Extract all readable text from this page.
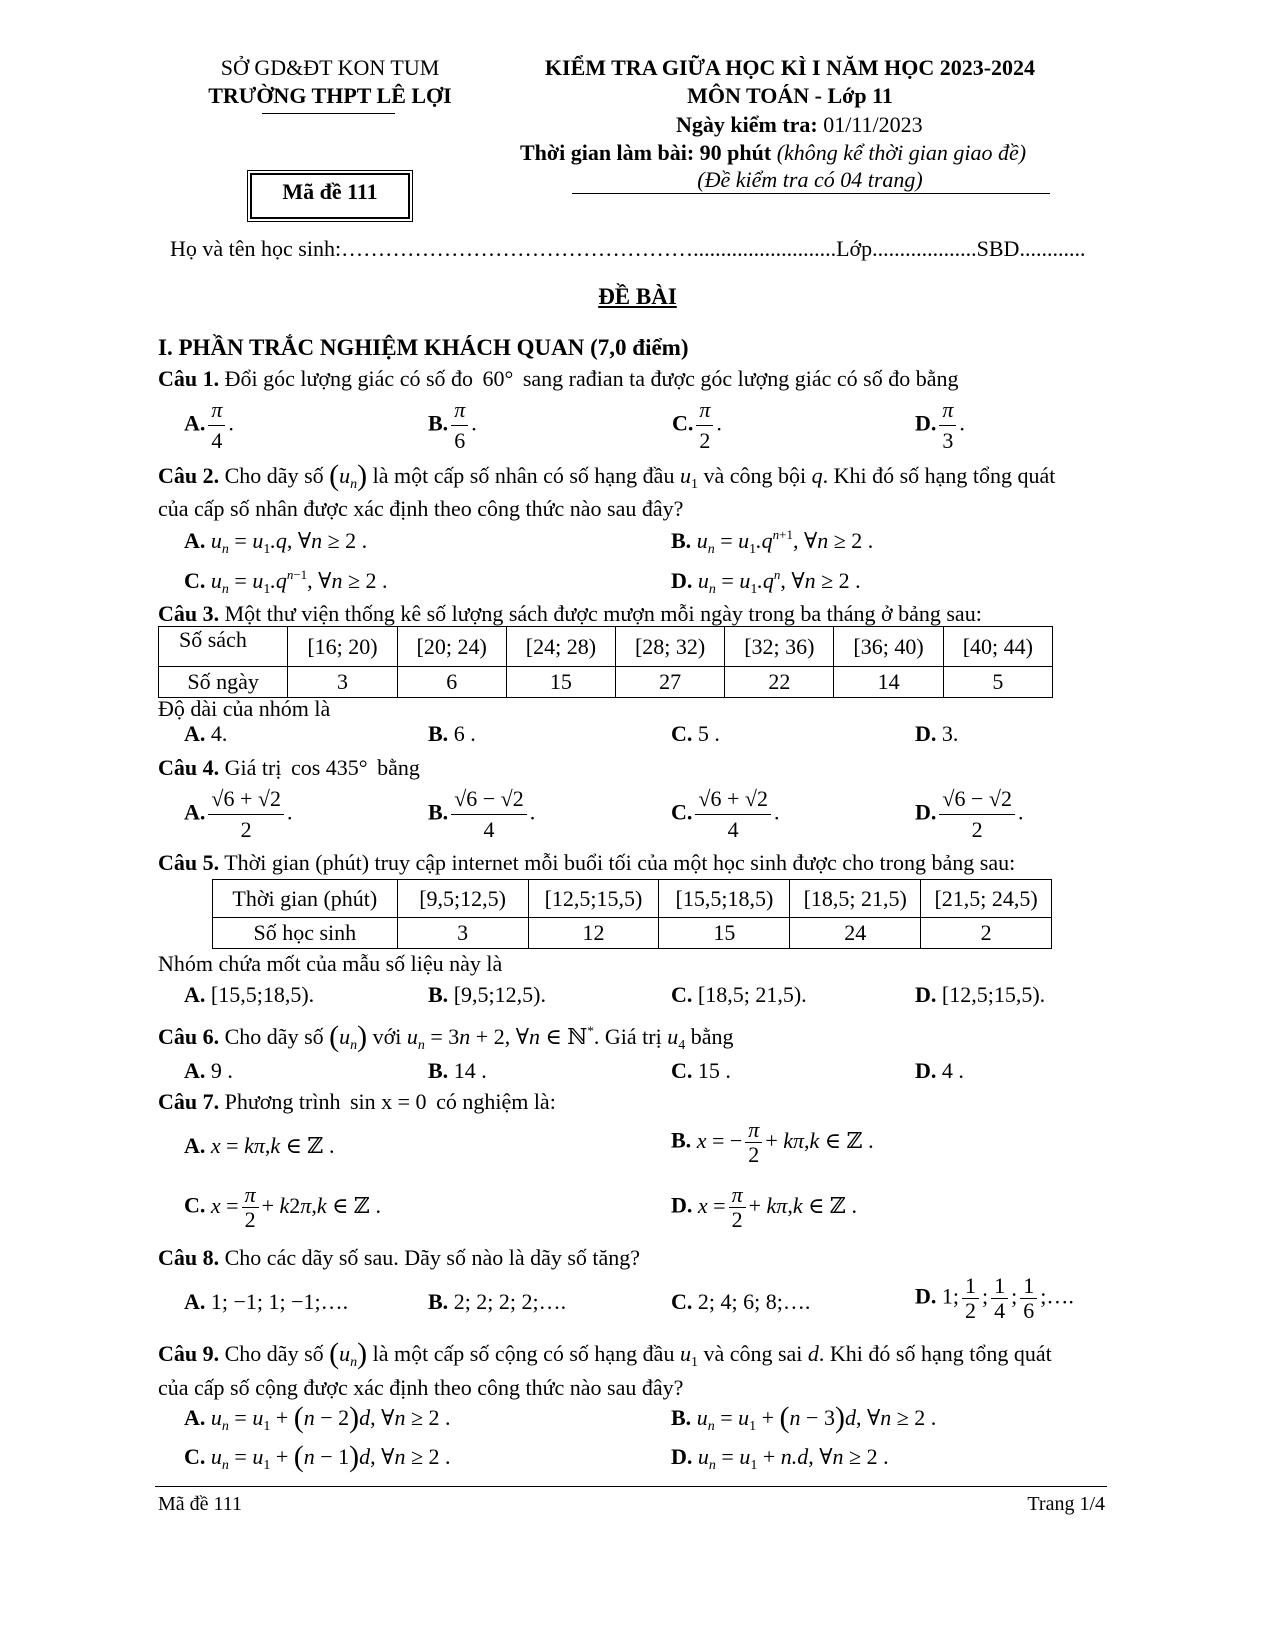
SỞ GD&ĐT KON TUM
TRƯỜNG THPT LÊ LỢI
KIỂM TRA GIỮA HỌC KÌ I NĂM HỌC 2023-2024
MÔN TOÁN - Lớp 11
Ngày kiểm tra: 01/11/2023
Thời gian làm bài: 90 phút (không kể thời gian giao đề)
(Đề kiểm tra có 04 trang)
Mã đề 111
Họ và tên học sinh:…………………………………………..........................Lớp...................SBD............
ĐỀ BÀI
I. PHẦN TRẮC NGHIỆM KHÁCH QUAN (7,0 điểm)
Câu 1. Đổi góc lượng giác có số đo 60° sang rađian ta được góc lượng giác có số đo bằng
A. $\frac{\pi}{4}$ .	B. $\frac{\pi}{6}$ .	C. $\frac{\pi}{2}$ .	D. $\frac{\pi}{3}$ .
Câu 2. Cho dãy số $(u_n)$ là một cấp số nhân có số hạng đầu $u_1$ và công bội q. Khi đó số hạng tổng quát
của cấp số nhân được xác định theo công thức nào sau đây?
A. $u_n = u_1.q$, ∀n ≥ 2 .	B. $u_n = u_1.q^{n+1}$, ∀n ≥ 2 .
C. $u_n = u_1.q^{n-1}$, ∀n ≥ 2 .	D. $u_n = u_1.q^n$, ∀n ≥ 2 .
Câu 3. Một thư viện thống kê số lượng sách được mượn mỗi ngày trong ba tháng ở bảng sau:
Số sách	[16; 20)	[20; 24)	[24; 28)	[28; 32)	[32; 36)	[36; 40)	[40; 44)
Số ngày	3	6	15	27	22	14	5
Độ dài của nhóm là
A. 4.	B. 6 .	C. 5 .	D. 3.
Câu 4. Giá trị cos 435° bằng
A. $\frac{√6 + √2}{2}$ .	B. $\frac{√6 - √2}{4}$ .	C. $\frac{√6 + √2}{4}$ .	D. $\frac{√6 - √2}{2}$ .
Câu 5. Thời gian (phút) truy cập internet mỗi buổi tối của một học sinh được cho trong bảng sau:
Thời gian (phút)	[9,5;12,5)	[12,5;15,5)	[15,5;18,5)	[18,5; 21,5)	[21,5; 24,5)
Số học sinh	3	12	15	24	2
Nhóm chứa mốt của mẫu số liệu này là
A. [15,5;18,5).	B. [9,5;12,5).	C. [18,5; 21,5).	D. [12,5;15,5).
Câu 6. Cho dãy số $(u_n)$ với $u_n = 3n + 2$, ∀n ∈ ℕ*. Giá trị $u_4$ bằng
A. 9 .	B. 14 .	C. 15 .	D. 4 .
Câu 7. Phương trình sin x = 0 có nghiệm là:
A. x = kπ,k ∈ ℤ .	B. x = − $\frac{\pi}{2} + k\pi,k$ ∈ ℤ .
C. $x = \frac{\pi}{2} + k2\pi,k$ ∈ ℤ .	D. $x = \frac{\pi}{2} + k\pi,k$ ∈ ℤ .
Câu 8. Cho các dãy số sau. Dãy số nào là dãy số tăng?
A. 1; −1; 1; −1;….	B. 2; 2; 2; 2;….	C. 2; 4; 6; 8;….	D. 1; $\frac{1}{2}$ ; $\frac{1}{4}$ ; $\frac{1}{6}$ ;….
Câu 9. Cho dãy số $(u_n)$ là một cấp số cộng có số hạng đầu $u_1$ và công sai d. Khi đó số hạng tổng quát
của cấp số cộng được xác định theo công thức nào sau đây?
A. $u_n = u_1 + (n - 2)d$, ∀n ≥ 2 .	B. $u_n = u_1 + (n - 3)d$, ∀n ≥ 2 .
C. $u_n = u_1 + (n - 1)d$, ∀n ≥ 2 .	D. $u_n = u_1 + n.d$, ∀n ≥ 2 .
Mã đề 111	Trang 1/4
